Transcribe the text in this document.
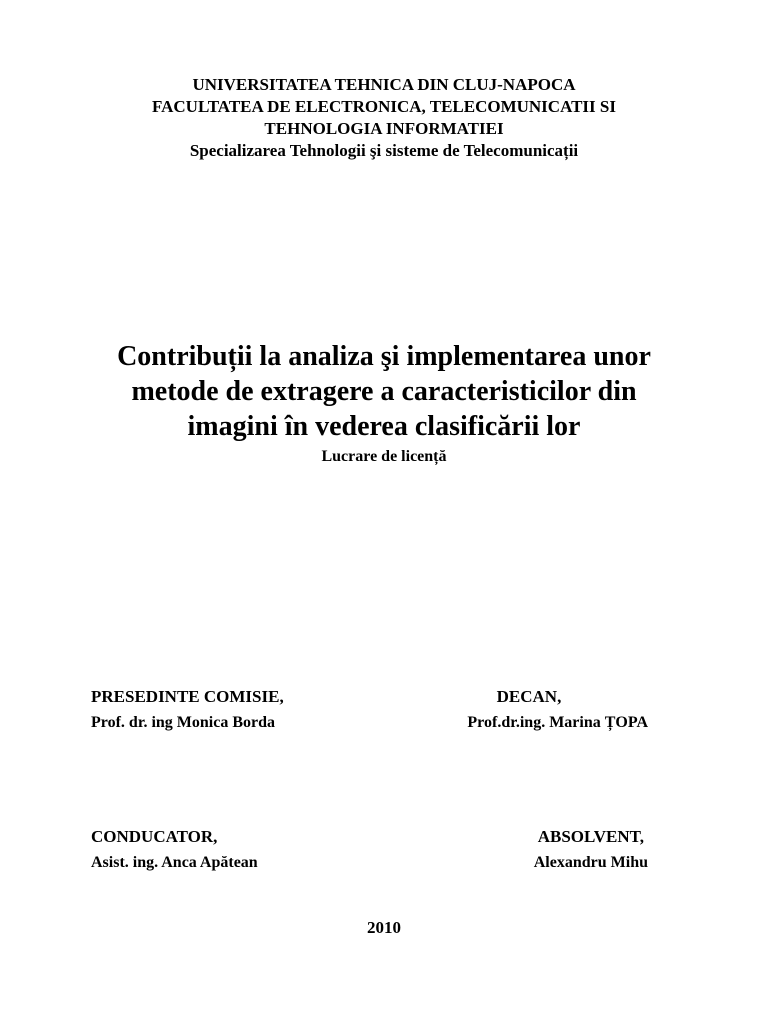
UNIVERSITATEA TEHNICA DIN CLUJ-NAPOCA
FACULTATEA DE ELECTRONICA, TELECOMUNICATII SI
TEHNOLOGIA INFORMATIEI
Specializarea Tehnologii şi sisteme de Telecomunicații
Contribuții la analiza şi implementarea unor
metode de extragere a caracteristicilor din
imagini în vederea clasificării lor
Lucrare de licență
PRESEDINTE COMISIE,
Prof. dr. ing Monica Borda
DECAN,
Prof.dr.ing. Marina ȚOPA
CONDUCATOR,
Asist. ing. Anca Apătean
ABSOLVENT,
Alexandru Mihu
2010
